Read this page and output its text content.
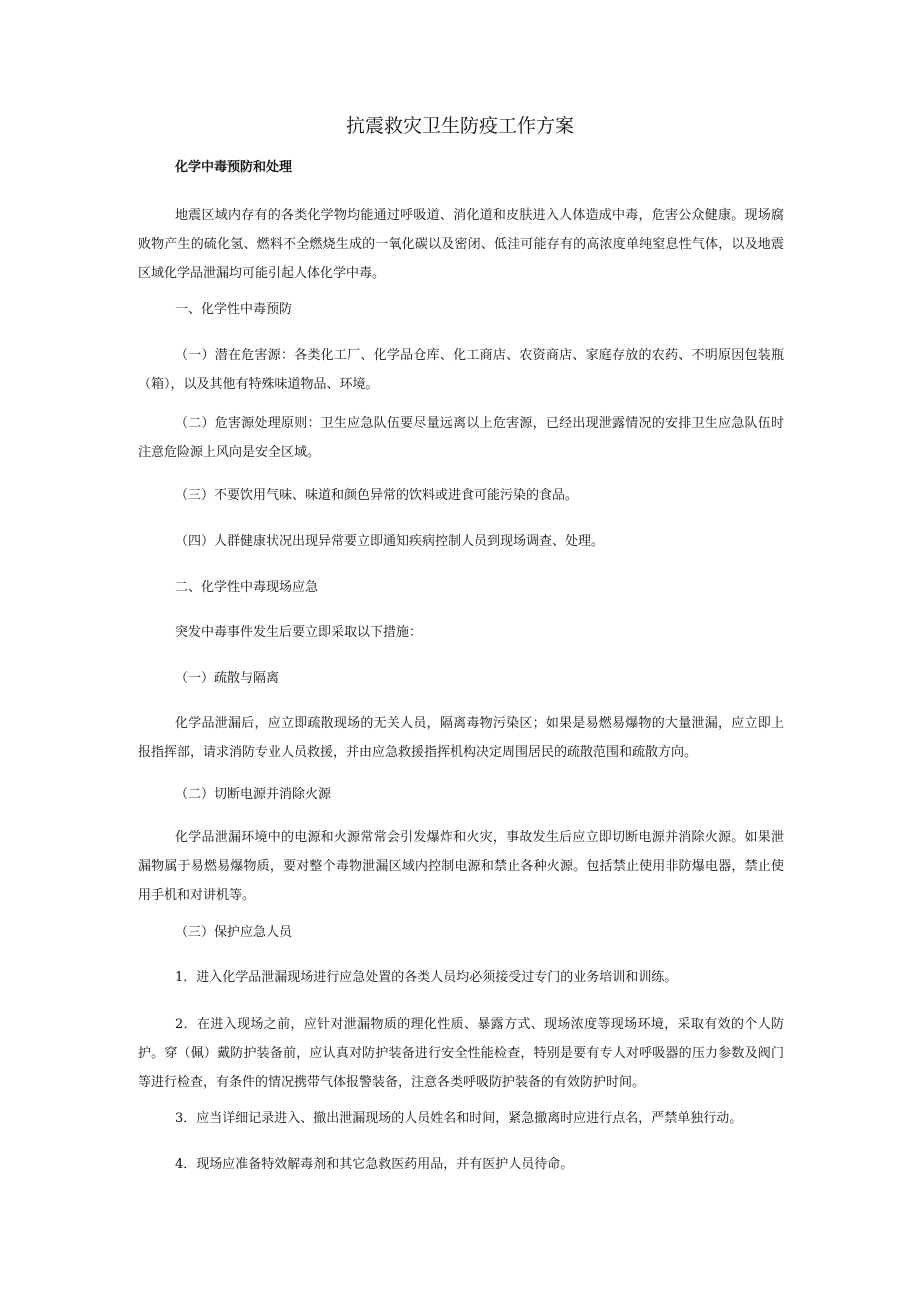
抗震救灾卫生防疫工作方案
化学中毒预防和处理

地震区域内存有的各类化学物均能通过呼吸道、消化道和皮肤进入人体造成中毒，危害公众健康。现场腐败物产生的硫化氢、燃料不全燃烧生成的一氧化碳以及密闭、低洼可能存有的高浓度单纯窒息性气体，以及地震区域化学品泄漏均可能引起人体化学中毒。

一、化学性中毒预防

（一）潜在危害源：各类化工厂、化学品仓库、化工商店、农资商店、家庭存放的农药、不明原因包装瓶（箱），以及其他有特殊味道物品、环境。

（二）危害源处理原则：卫生应急队伍要尽量远离以上危害源，已经出现泄露情况的安排卫生应急队伍时注意危险源上风向是安全区域。

（三）不要饮用气味、味道和颜色异常的饮料或进食可能污染的食品。

（四）人群健康状况出现异常要立即通知疾病控制人员到现场调查、处理。

二、化学性中毒现场应急

突发中毒事件发生后要立即采取以下措施：

（一）疏散与隔离

化学品泄漏后，应立即疏散现场的无关人员，隔离毒物污染区；如果是易燃易爆物的大量泄漏，应立即上报指挥部，请求消防专业人员救援，并由应急救援指挥机构决定周围居民的疏散范围和疏散方向。

（二）切断电源并消除火源

化学品泄漏环境中的电源和火源常常会引发爆炸和火灾，事故发生后应立即切断电源并消除火源。如果泄漏物属于易燃易爆物质，要对整个毒物泄漏区域内控制电源和禁止各种火源。包括禁止使用非防爆电器，禁止使用手机和对讲机等。

（三）保护应急人员

1．进入化学品泄漏现场进行应急处置的各类人员均必须接受过专门的业务培训和训练。

2．在进入现场之前，应针对泄漏物质的理化性质、暴露方式、现场浓度等现场环境，采取有效的个人防护。穿（佩）戴防护装备前，应认真对防护装备进行安全性能检查，特别是要有专人对呼吸器的压力参数及阀门等进行检查，有条件的情况携带气体报警装备，注意各类呼吸防护装备的有效防护时间。

3．应当详细记录进入、撤出泄漏现场的人员姓名和时间，紧急撤离时应进行点名，严禁单独行动。

4．现场应准备特效解毒剂和其它急救医药用品，并有医护人员待命。
